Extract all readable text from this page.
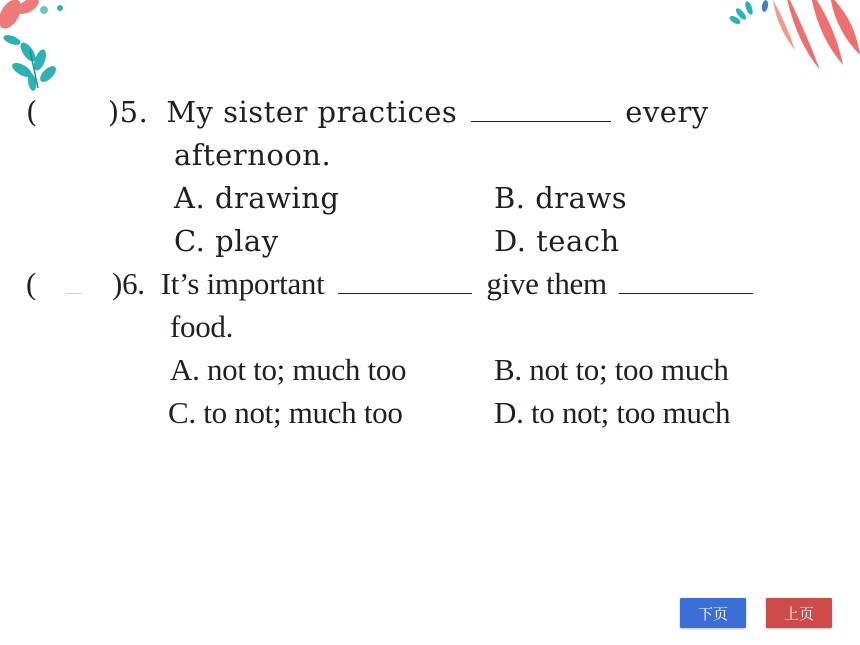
( )5. My sister practices	every
afternoon.
A. drawing	B. draws
C. play	D. teach
( )6. It’s important	give them
food.
A. not to; much too	B. not to; too much
C. to not; much too	D. to not; too much
下页	上页
